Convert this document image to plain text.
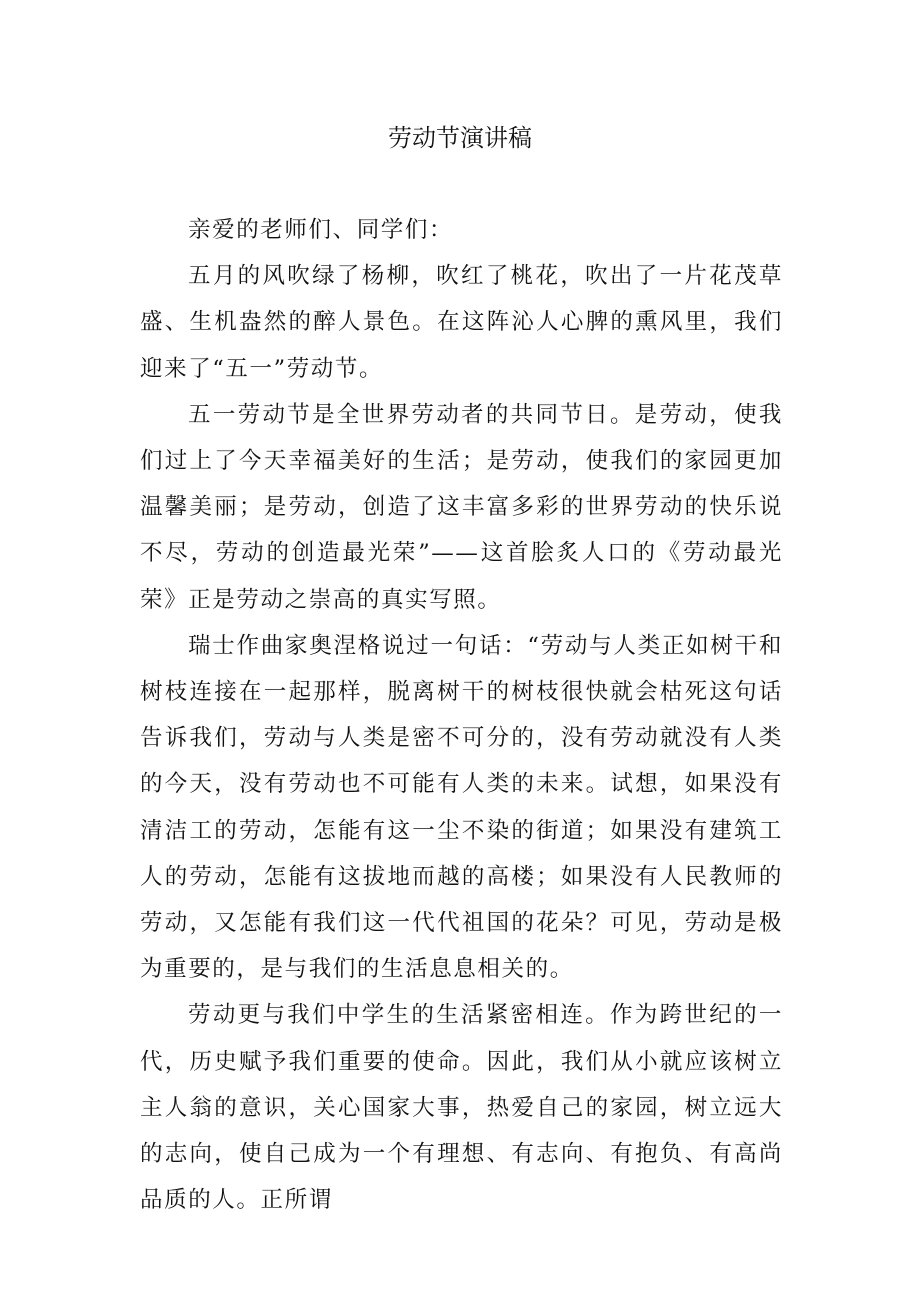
劳动节演讲稿

亲爱的老师们、同学们：

五月的风吹绿了杨柳，吹红了桃花，吹出了一片花茂草盛、生机盎然的醉人景色。在这阵沁人心脾的熏风里，我们迎来了“五一”劳动节。

五一劳动节是全世界劳动者的共同节日。是劳动，使我们过上了今天幸福美好的生活；是劳动，使我们的家园更加温馨美丽；是劳动，创造了这丰富多彩的世界劳动的快乐说不尽，劳动的创造最光荣”——这首脍炙人口的《劳动最光荣》正是劳动之崇高的真实写照。

瑞士作曲家奥涅格说过一句话：“劳动与人类正如树干和树枝连接在一起那样，脱离树干的树枝很快就会枯死这句话告诉我们，劳动与人类是密不可分的，没有劳动就没有人类的今天，没有劳动也不可能有人类的未来。试想，如果没有清洁工的劳动，怎能有这一尘不染的街道；如果没有建筑工人的劳动，怎能有这拔地而越的高楼；如果没有人民教师的劳动，又怎能有我们这一代代祖国的花朵？可见，劳动是极为重要的，是与我们的生活息息相关的。

劳动更与我们中学生的生活紧密相连。作为跨世纪的一代，历史赋予我们重要的使命。因此，我们从小就应该树立主人翁的意识，关心国家大事，热爱自己的家园，树立远大的志向，使自己成为一个有理想、有志向、有抱负、有高尚品质的人。正所谓
